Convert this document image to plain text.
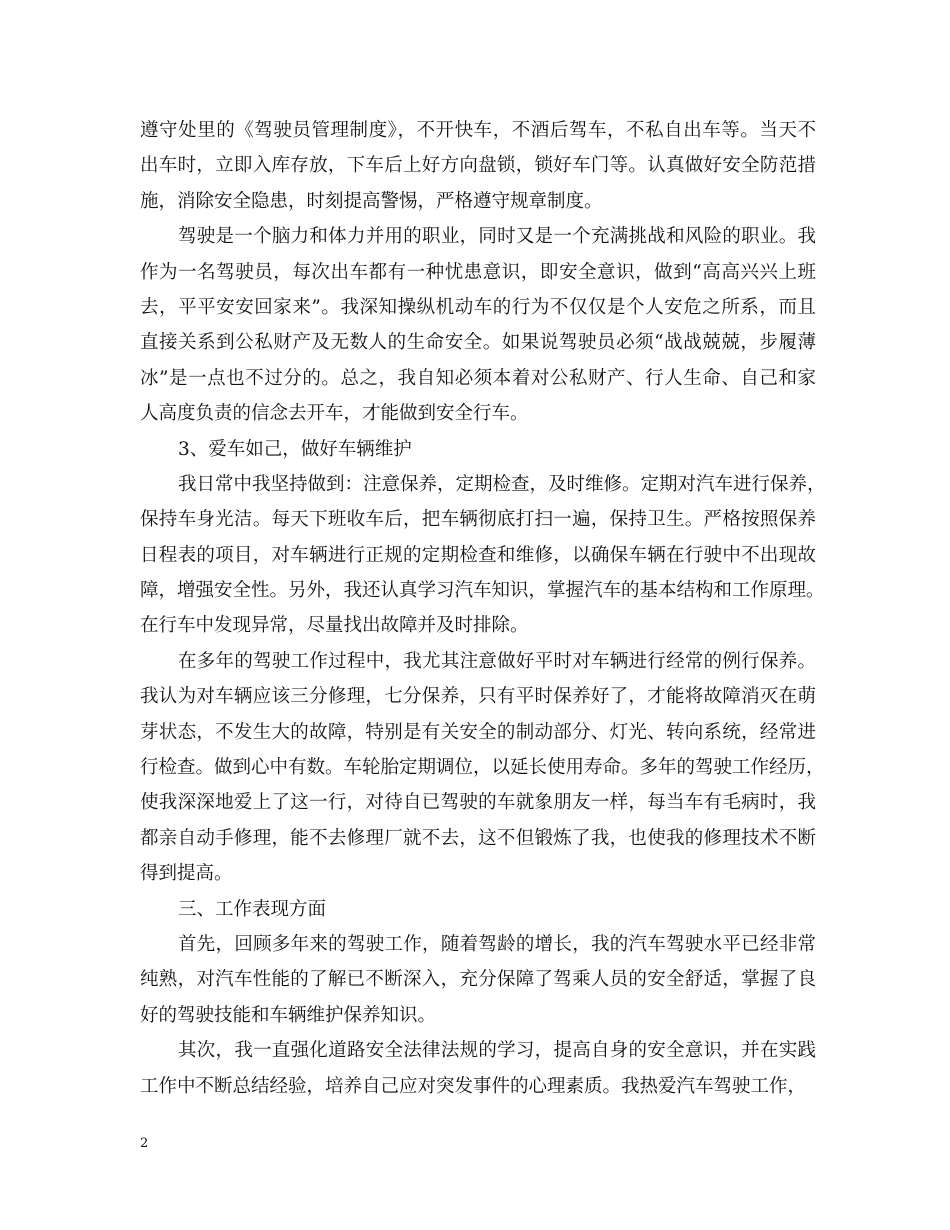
遵守处里的《驾驶员管理制度》，不开快车，不酒后驾车，不私自出车等。当天不
出车时，立即入库存放，下车后上好方向盘锁，锁好车门等。认真做好安全防范措
施，消除安全隐患，时刻提高警惕，严格遵守规章制度。
驾驶是一个脑力和体力并用的职业，同时又是一个充满挑战和风险的职业。我
作为一名驾驶员，每次出车都有一种忧患意识，即安全意识，做到“高高兴兴上班
去，平平安安回家来”。我深知操纵机动车的行为不仅仅是个人安危之所系，而且
直接关系到公私财产及无数人的生命安全。如果说驾驶员必须“战战兢兢，步履薄
冰”是一点也不过分的。总之，我自知必须本着对公私财产、行人生命、自己和家
人高度负责的信念去开车，才能做到安全行车。
3、爱车如己，做好车辆维护
我日常中我坚持做到：注意保养，定期检查，及时维修。定期对汽车进行保养，
保持车身光洁。每天下班收车后，把车辆彻底打扫一遍，保持卫生。严格按照保养
日程表的项目，对车辆进行正规的定期检查和维修，以确保车辆在行驶中不出现故
障，增强安全性。另外，我还认真学习汽车知识，掌握汽车的基本结构和工作原理。
在行车中发现异常，尽量找出故障并及时排除。
在多年的驾驶工作过程中，我尤其注意做好平时对车辆进行经常的例行保养。
我认为对车辆应该三分修理，七分保养，只有平时保养好了，才能将故障消灭在萌
芽状态，不发生大的故障，特别是有关安全的制动部分、灯光、转向系统，经常进
行检查。做到心中有数。车轮胎定期调位，以延长使用寿命。多年的驾驶工作经历，
使我深深地爱上了这一行，对待自已驾驶的车就象朋友一样，每当车有毛病时，我
都亲自动手修理，能不去修理厂就不去，这不但锻炼了我，也使我的修理技术不断
得到提高。
三、工作表现方面
首先，回顾多年来的驾驶工作，随着驾龄的增长，我的汽车驾驶水平已经非常
纯熟，对汽车性能的了解已不断深入，充分保障了驾乘人员的安全舒适，掌握了良
好的驾驶技能和车辆维护保养知识。
其次，我一直强化道路安全法律法规的学习，提高自身的安全意识，并在实践
工作中不断总结经验，培养自己应对突发事件的心理素质。我热爱汽车驾驶工作，
2
